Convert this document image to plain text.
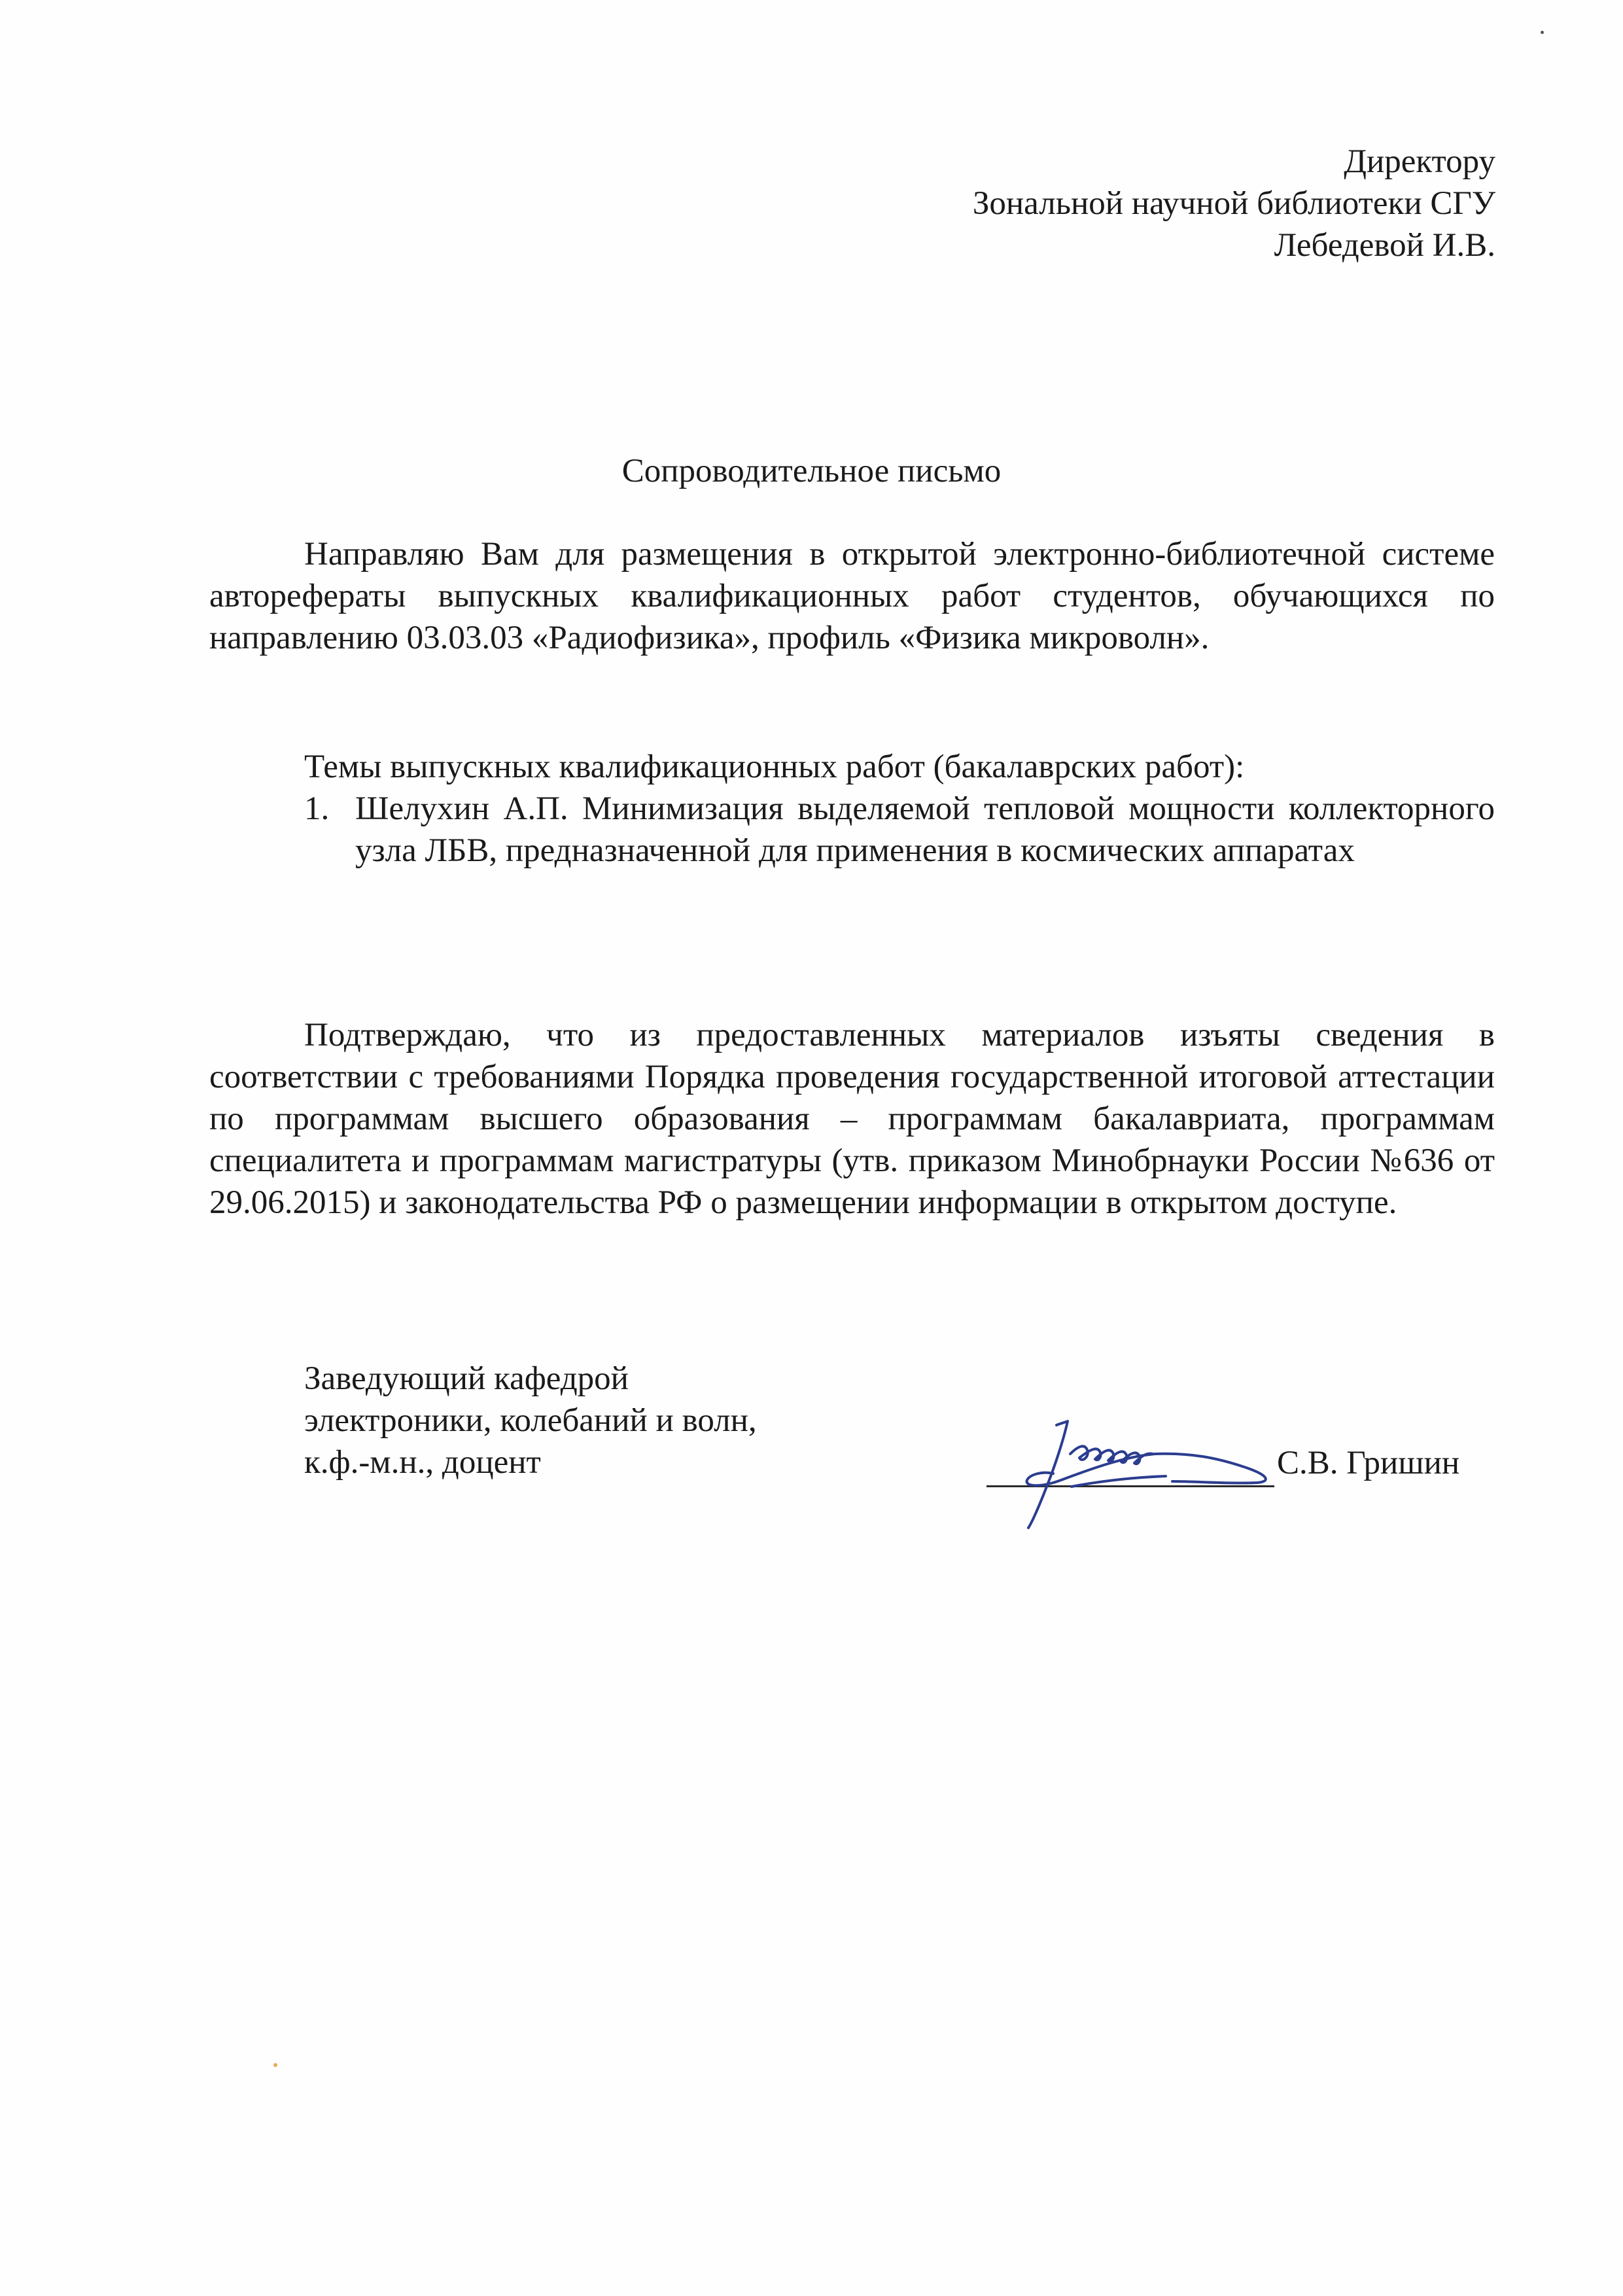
Директору
Зональной научной библиотеки СГУ
Лебедевой И.В.
Сопроводительное письмо
Направляю Вам для размещения в открытой электронно-библиотечной системе авторефераты выпускных квалификационных работ студентов, обучающихся по направлению 03.03.03 «Радиофизика», профиль «Физика микроволн».
Темы выпускных квалификационных работ (бакалаврских работ):
1. Шелухин А.П. Минимизация выделяемой тепловой мощности коллекторного узла ЛБВ, предназначенной для применения в космических аппаратах
Подтверждаю, что из предоставленных материалов изъяты сведения в соответствии с требованиями Порядка проведения государственной итоговой аттестации по программам высшего образования – программам бакалавриата, программам специалитета и программам магистратуры (утв. приказом Минобрнауки России №636 от 29.06.2015) и законодательства РФ о размещении информации в открытом доступе.
Заведующий кафедрой
электроники, колебаний и волн,
к.ф.-м.н., доцент	С.В. Гришин
